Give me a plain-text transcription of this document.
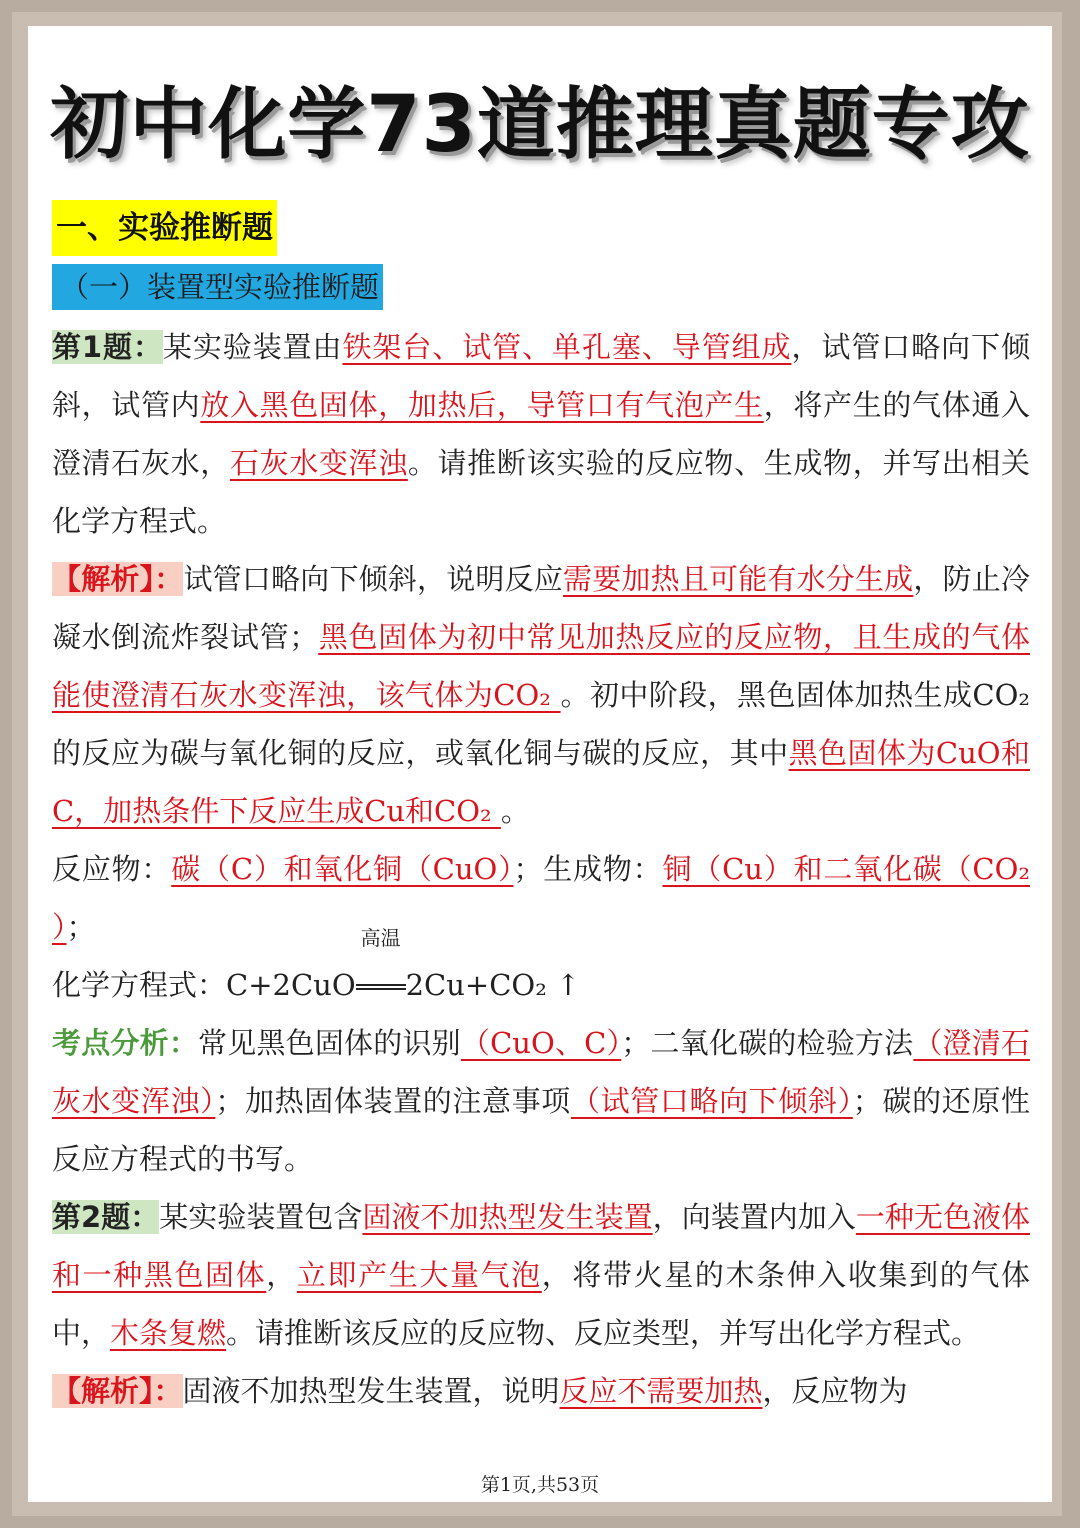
初中化学73道推理真题专攻
一、实验推断题
（一）装置型实验推断题

第1题：某实验装置由铁架台、试管、单孔塞、导管组成，试管口略向下倾斜，试管内放入黑色固体，加热后，导管口有气泡产生，将产生的气体通入澄清石灰水，石灰水变浑浊。请推断该实验的反应物、生成物，并写出相关化学方程式。

【解析】：试管口略向下倾斜，说明反应需要加热且可能有水分生成，防止冷凝水倒流炸裂试管；黑色固体为初中常见加热反应的反应物，且生成的气体能使澄清石灰水变浑浊，该气体为CO₂ 。初中阶段，黑色固体加热生成CO₂ 的反应为碳与氧化铜的反应，或氧化铜与碳的反应，其中黑色固体为CuO和C，加热条件下反应生成Cu和CO₂ 。

反应物：碳（C）和氧化铜（CuO）；生成物：铜（Cu）和二氧化碳（CO₂ ）；

化学方程式：C+2CuO
高温
2Cu+CO₂ ↑

考点分析：常见黑色固体的识别（CuO、C）；二氧化碳的检验方法（澄清石灰水变浑浊）；加热固体装置的注意事项（试管口略向下倾斜）；碳的还原性反应方程式的书写。

第2题：某实验装置包含固液不加热型发生装置，向装置内加入一种无色液体和一种黑色固体，立即产生大量气泡，将带火星的木条伸入收集到的气体中，木条复燃。请推断该反应的反应物、反应类型，并写出化学方程式。

【解析】：固液不加热型发生装置，说明反应不需要加热，反应物为

第1页,共53页
